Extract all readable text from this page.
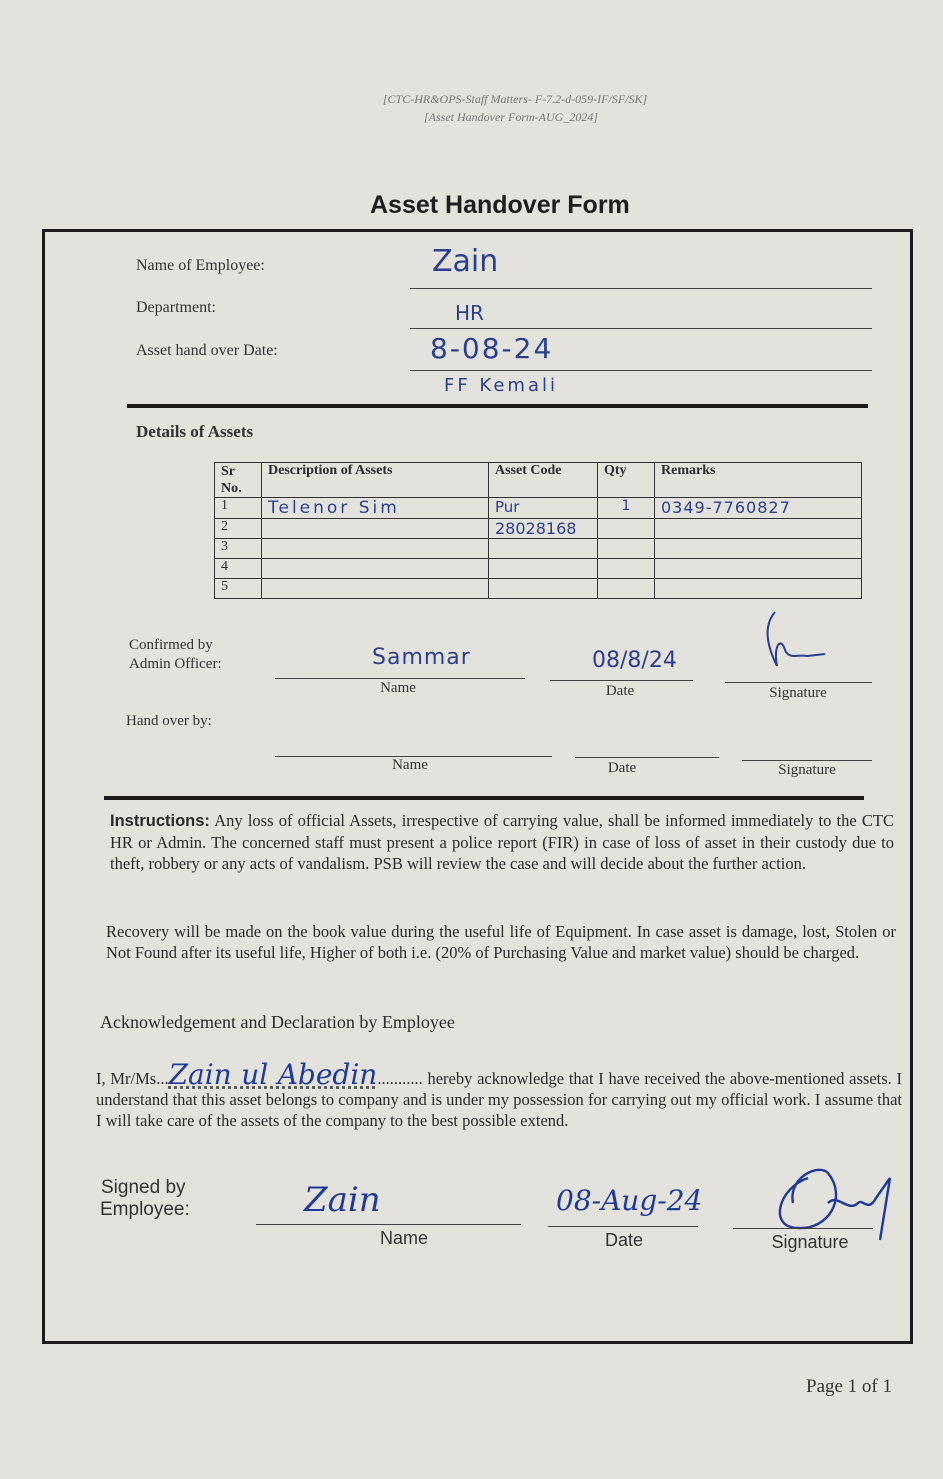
[CTC-HR&OPS-Staff Matters- F-7.2-d-059-IF/SF/SK]
[Asset Handover Form-AUG_2024]
Asset Handover Form
Name of Employee:	Zain
Department:	HR
Asset hand over Date:	8-08-24
FF Kemali
Details of Assets
Sr No.	Description of Assets	Asset Code	Qty	Remarks
1	Telenor Sim	Pur	1	0349-7760827
2		28028168		
3				
4				
5				
Confirmed by Admin Officer:	Sammar	08/8/24
Name	Date	Signature
Hand over by:
Name	Date	Signature
Instructions: Any loss of official Assets, irrespective of carrying value, shall be informed immediately to the CTC HR or Admin. The concerned staff must present a police report (FIR) in case of loss of asset in their custody due to theft, robbery or any acts of vandalism. PSB will review the case and will decide about the further action.
Recovery will be made on the book value during the useful life of Equipment. In case asset is damage, lost, Stolen or Not Found after its useful life, Higher of both i.e. (20% of Purchasing Value and market value) should be charged.
Acknowledgement and Declaration by Employee
I, Mr/Ms...Zain ul Abedin........... hereby acknowledge that I have received the above-mentioned assets. I understand that this asset belongs to company and is under my possession for carrying out my official work. I assume that I will take care of the assets of the company to the best possible extend.
Signed by
Employee:	Zain	08-Aug-24
Name	Date	Signature
Page 1 of 1
